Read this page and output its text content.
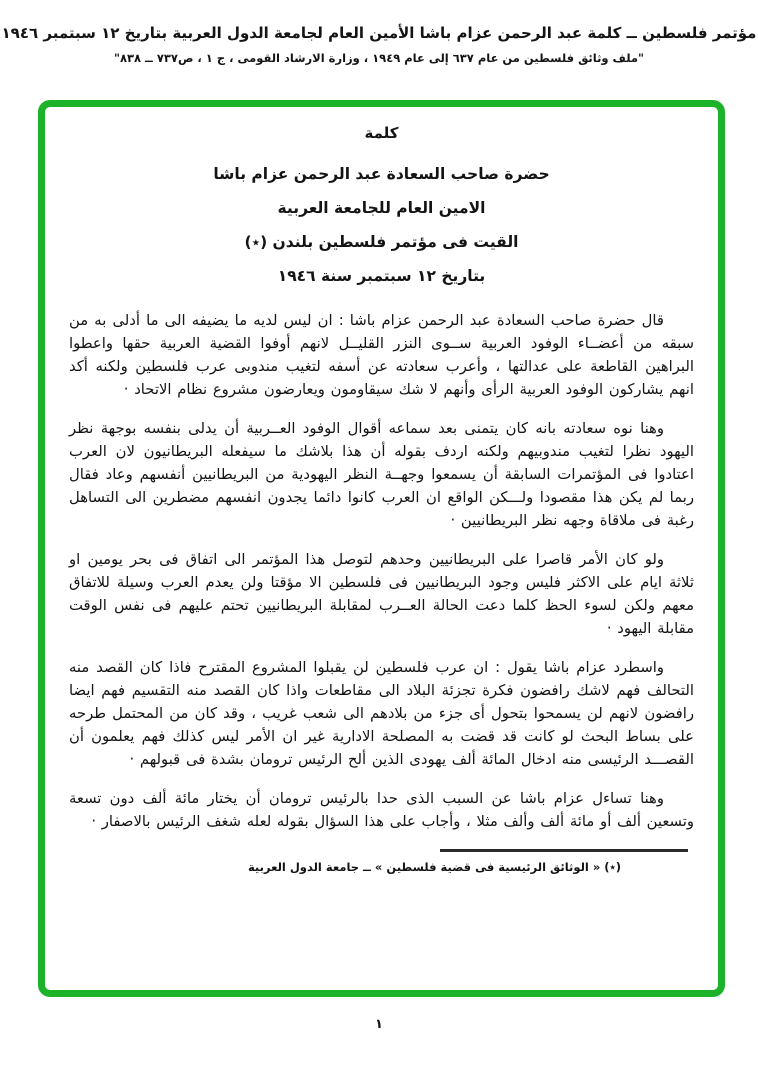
مؤتمر فلسطين ــ كلمة عبد الرحمن عزام باشا الأمين العام لجامعة الدول العربية بتاريخ ١٢ سبتمبر ١٩٤٦
"ملف وثائق فلسطين من عام ٦٣٧ إلى عام ١٩٤٩ ، وزارة الارشاد القومى ، ج ١ ، ص٧٣٧ ــ ٨٣٨"
كلمة
حضرة صاحب السعادة عبد الرحمن عزام باشا
الامين العام للجامعة العربية
القيت فى مؤتمر فلسطين بلندن (٭)
بتاريخ ١٢ سبتمبر سنة ١٩٤٦

قال حضرة صاحب السعادة عبد الرحمن عزام باشا : ان ليس لديه ما يضيفه الى ما أدلى به من سبقه من أعضــاء الوفود العربية ســوى النزر القليــل لانهم أوفوا القضية العربية حقها واعطوا البراهين القاطعة على عدالتها ، وأعرب سعادته عن أسفه لتغيب مندوبى عرب فلسطين ولكنه أكد انهم يشاركون الوفود العربية الرأى وأنهم لا شك سيقاومون ويعارضون مشروع نظام الاتحاد ·

وهنا نوه سعادته بانه كان يتمنى بعد سماعه أقوال الوفود العــربية أن يدلى بنفسه بوجهة نظر اليهود نظرا لتغيب مندوبيهم ولكنه اردف بقوله أن هذا بلاشك ما سيفعله البريطانيون لان العرب اعتادوا فى المؤتمرات السابقة أن يسمعوا وجهــة النظر اليهودية من البريطانيين أنفسهم وعاد فقال ربما لم يكن هذا مقصودا ولـــكن الواقع ان العرب كانوا دائما يجدون انفسهم مضطرين الى التساهل رغبة فى ملاقاة وجهه نظر البريطانيين ·

ولو كان الأمر قاصرا على البريطانيين وحدهم لتوصل هذا المؤتمر الى اتفاق فى بحر يومين او ثلاثة ايام على الاكثر فليس وجود البريطانيين فى فلسطين الا مؤقتا ولن يعدم العرب وسيلة للاتفاق معهم ولكن لسوء الحظ كلما دعت الحالة العــرب لمقابلة البريطانيين تحتم عليهم فى نفس الوقت مقابلة اليهود ·

واسطرد عزام باشا يقول : ان عرب فلسطين لن يقبلوا المشروع المقترح فاذا كان القصد منه التحالف فهم لاشك رافضون فكرة تجزئة البلاد الى مقاطعات واذا كان القصد منه التقسيم فهم ايضا رافضون لانهم لن يسمحوا بتحول أى جزء من بلادهم الى شعب غريب ، وقد كان من المحتمل طرحه على بساط البحث لو كانت قد قضت به المصلحة الادارية غير ان الأمر ليس كذلك فهم يعلمون أن القصـــد الرئيسى منه ادخال المائة ألف يهودى الذين ألح الرئيس ترومان بشدة فى قبولهم ·

وهنا تساءل عزام باشا عن السبب الذى حدا بالرئيس ترومان أن يختار مائة ألف دون تسعة وتسعين ألف أو مائة ألف وألف مثلا ، وأجاب على هذا السؤال بقوله لعله شغف الرئيس بالاصفار ·

(٭) « الوثائق الرئيسية فى قضية فلسطين » ــ جامعة الدول العربية
١
